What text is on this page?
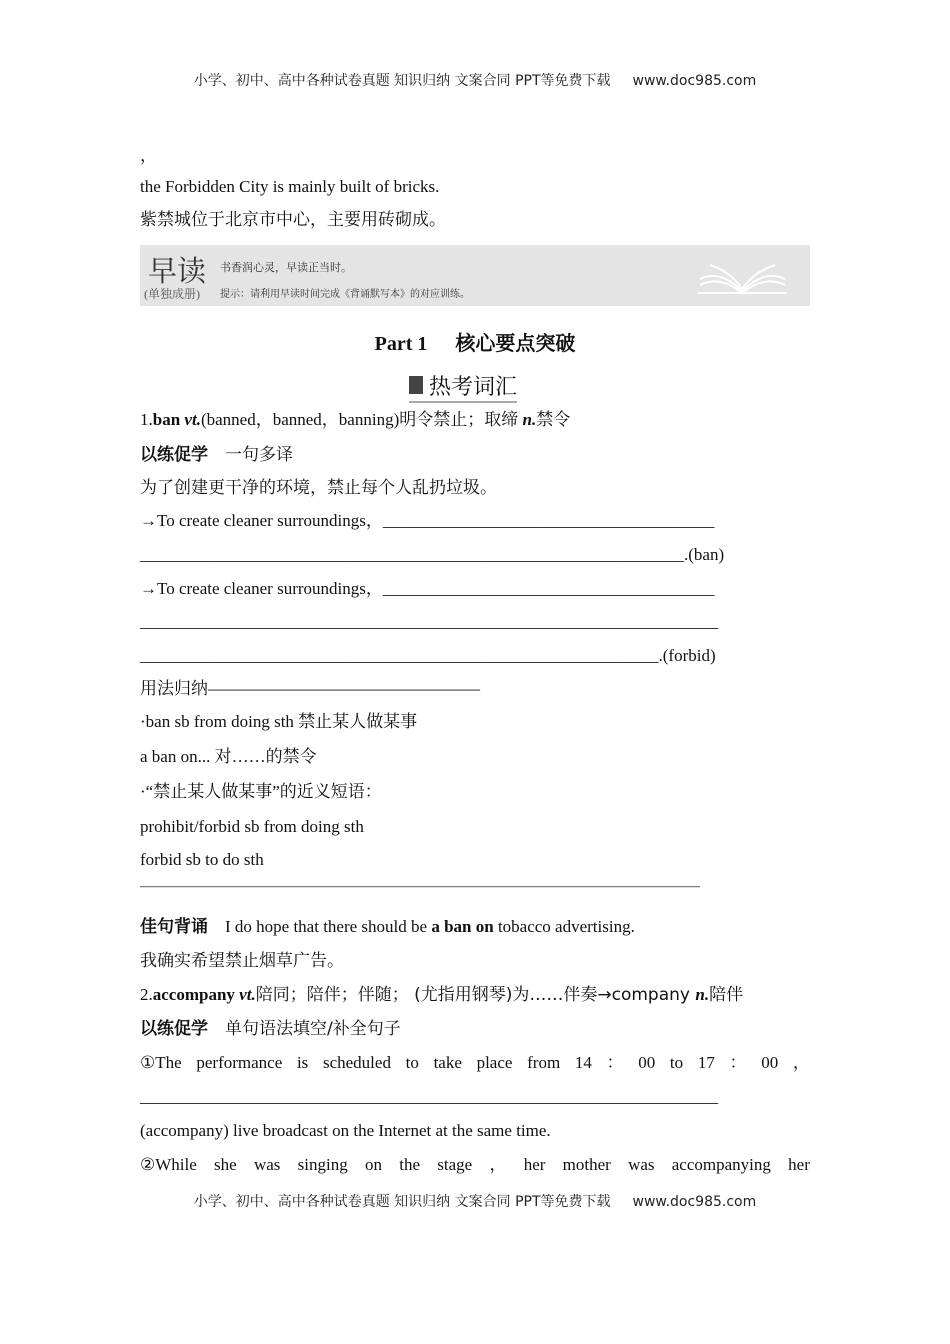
小学、初中、高中各种试卷真题 知识归纳 文案合同 PPT等免费下载 www.doc985.com
，
the Forbidden City is mainly built of bricks.
紫禁城位于北京市中心，主要用砖砌成。
早读
(单独成册)
书香润心灵，早读正当时。
提示：请利用早读时间完成《背诵默写本》的对应训练。
Part 1 核心要点突破
热考词汇
1.ban vt.(banned，banned，banning)明令禁止；取缔 n.禁令
以练促学　 一句多译
为了创建更干净的环境，禁止每个人乱扔垃圾。
→To create cleaner surroundings，_______________________________________
________________________________________________________________.(ban)
→To create cleaner surroundings，_______________________________________
____________________________________________________________________
_____________________________________________________________.(forbid)
用法归纳————————————————
·ban sb from doing sth 禁止某人做某事
a ban on... 对……的禁令
·“禁止某人做某事”的近义短语：
prohibit/forbid sb from doing sth
forbid sb to do sth
————————————————————————————————————————
佳句背诵　 I do hope that there should be a ban on tobacco advertising.
我确实希望禁止烟草广告。
2.accompany vt.陪同；陪伴；伴随； (尤指用钢琴)为……伴奏→company n.陪伴
以练促学　 单句语法填空/补全句子
①The performance is scheduled to take place from 14 ： 00 to 17 ： 00 ，
____________________________________________________________________
(accompany) live broadcast on the Internet at the same time.
②While she was singing on the stage ， her mother was accompanying her
小学、初中、高中各种试卷真题 知识归纳 文案合同 PPT等免费下载 www.doc985.com
